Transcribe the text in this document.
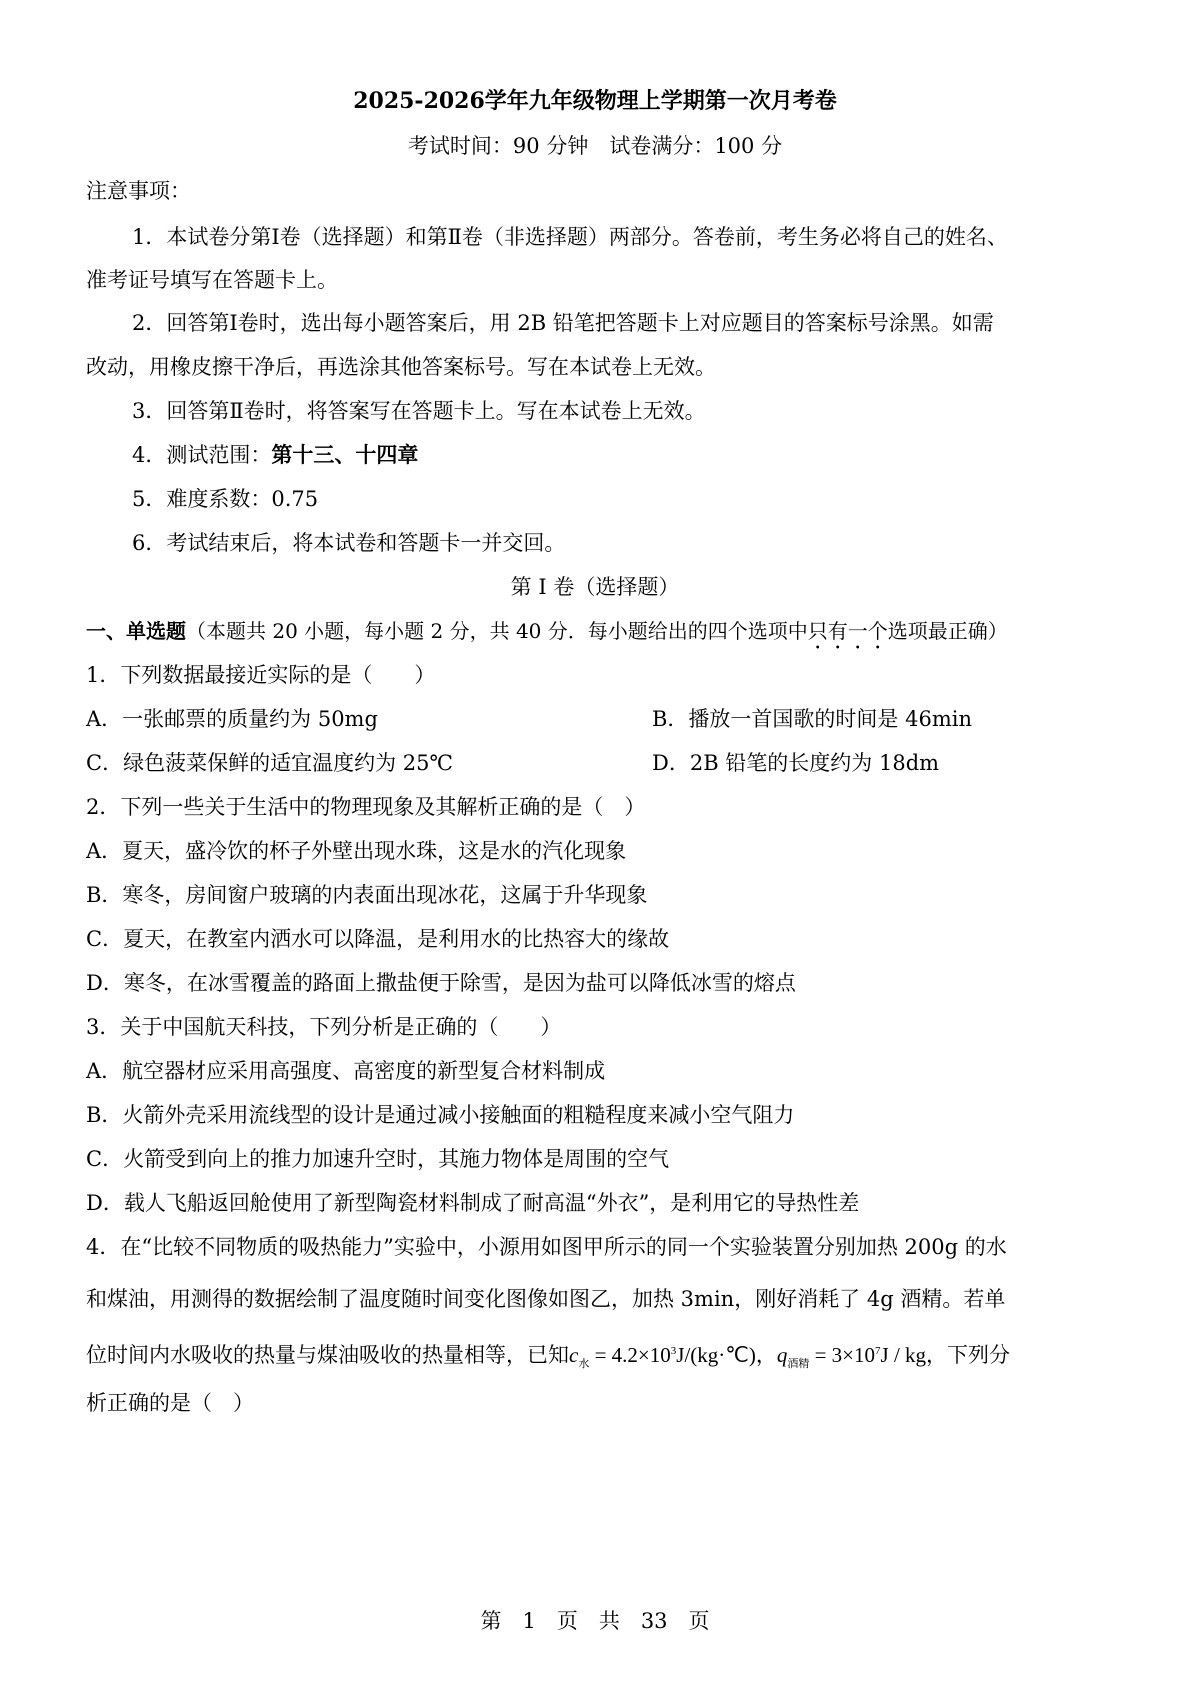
2025-2026学年九年级物理上学期第一次月考卷
考试时间：90 分钟　试卷满分：100 分
注意事项：
1．本试卷分第Ⅰ卷（选择题）和第Ⅱ卷（非选择题）两部分。答卷前，考生务必将自己的姓名、
准考证号填写在答题卡上。
2．回答第Ⅰ卷时，选出每小题答案后，用 2B 铅笔把答题卡上对应题目的答案标号涂黑。如需
改动，用橡皮擦干净后，再选涂其他答案标号。写在本试卷上无效。
3．回答第Ⅱ卷时，将答案写在答题卡上。写在本试卷上无效。
4．测试范围：第十三、十四章
5．难度系数：0.75
6．考试结束后，将本试卷和答题卡一并交回。
第 I 卷（选择题）
一、单选题（本题共 20 小题，每小题 2 分，共 40 分．每小题给出的四个选项中只有一个选项最正确）
1．下列数据最接近实际的是（　　）
A．一张邮票的质量约为 50mg	B．播放一首国歌的时间是 46min
C．绿色菠菜保鲜的适宜温度约为 25℃	D．2B 铅笔的长度约为 18dm
2．下列一些关于生活中的物理现象及其解析正确的是（　）
A．夏天，盛冷饮的杯子外壁出现水珠，这是水的汽化现象
B．寒冬，房间窗户玻璃的内表面出现冰花，这属于升华现象
C．夏天，在教室内洒水可以降温，是利用水的比热容大的缘故
D．寒冬，在冰雪覆盖的路面上撒盐便于除雪，是因为盐可以降低冰雪的熔点
3．关于中国航天科技，下列分析是正确的（　　）
A．航空器材应采用高强度、高密度的新型复合材料制成
B．火箭外壳采用流线型的设计是通过减小接触面的粗糙程度来减小空气阻力
C．火箭受到向上的推力加速升空时，其施力物体是周围的空气
D．载人飞船返回舱使用了新型陶瓷材料制成了耐高温“外衣”，是利用它的导热性差
4．在“比较不同物质的吸热能力”实验中，小源用如图甲所示的同一个实验装置分别加热 200g 的水
和煤油，用测得的数据绘制了温度随时间变化图像如图乙，加热 3min，刚好消耗了 4g 酒精。若单
位时间内水吸收的热量与煤油吸收的热量相等，已知$c_水$ = $4.2\times 10^3J/(kg\cdot℃)$，$q_{酒精} = 3\times 10^7J$ / kg，下列分
析正确的是（　）
第　1　页　共　33　页
